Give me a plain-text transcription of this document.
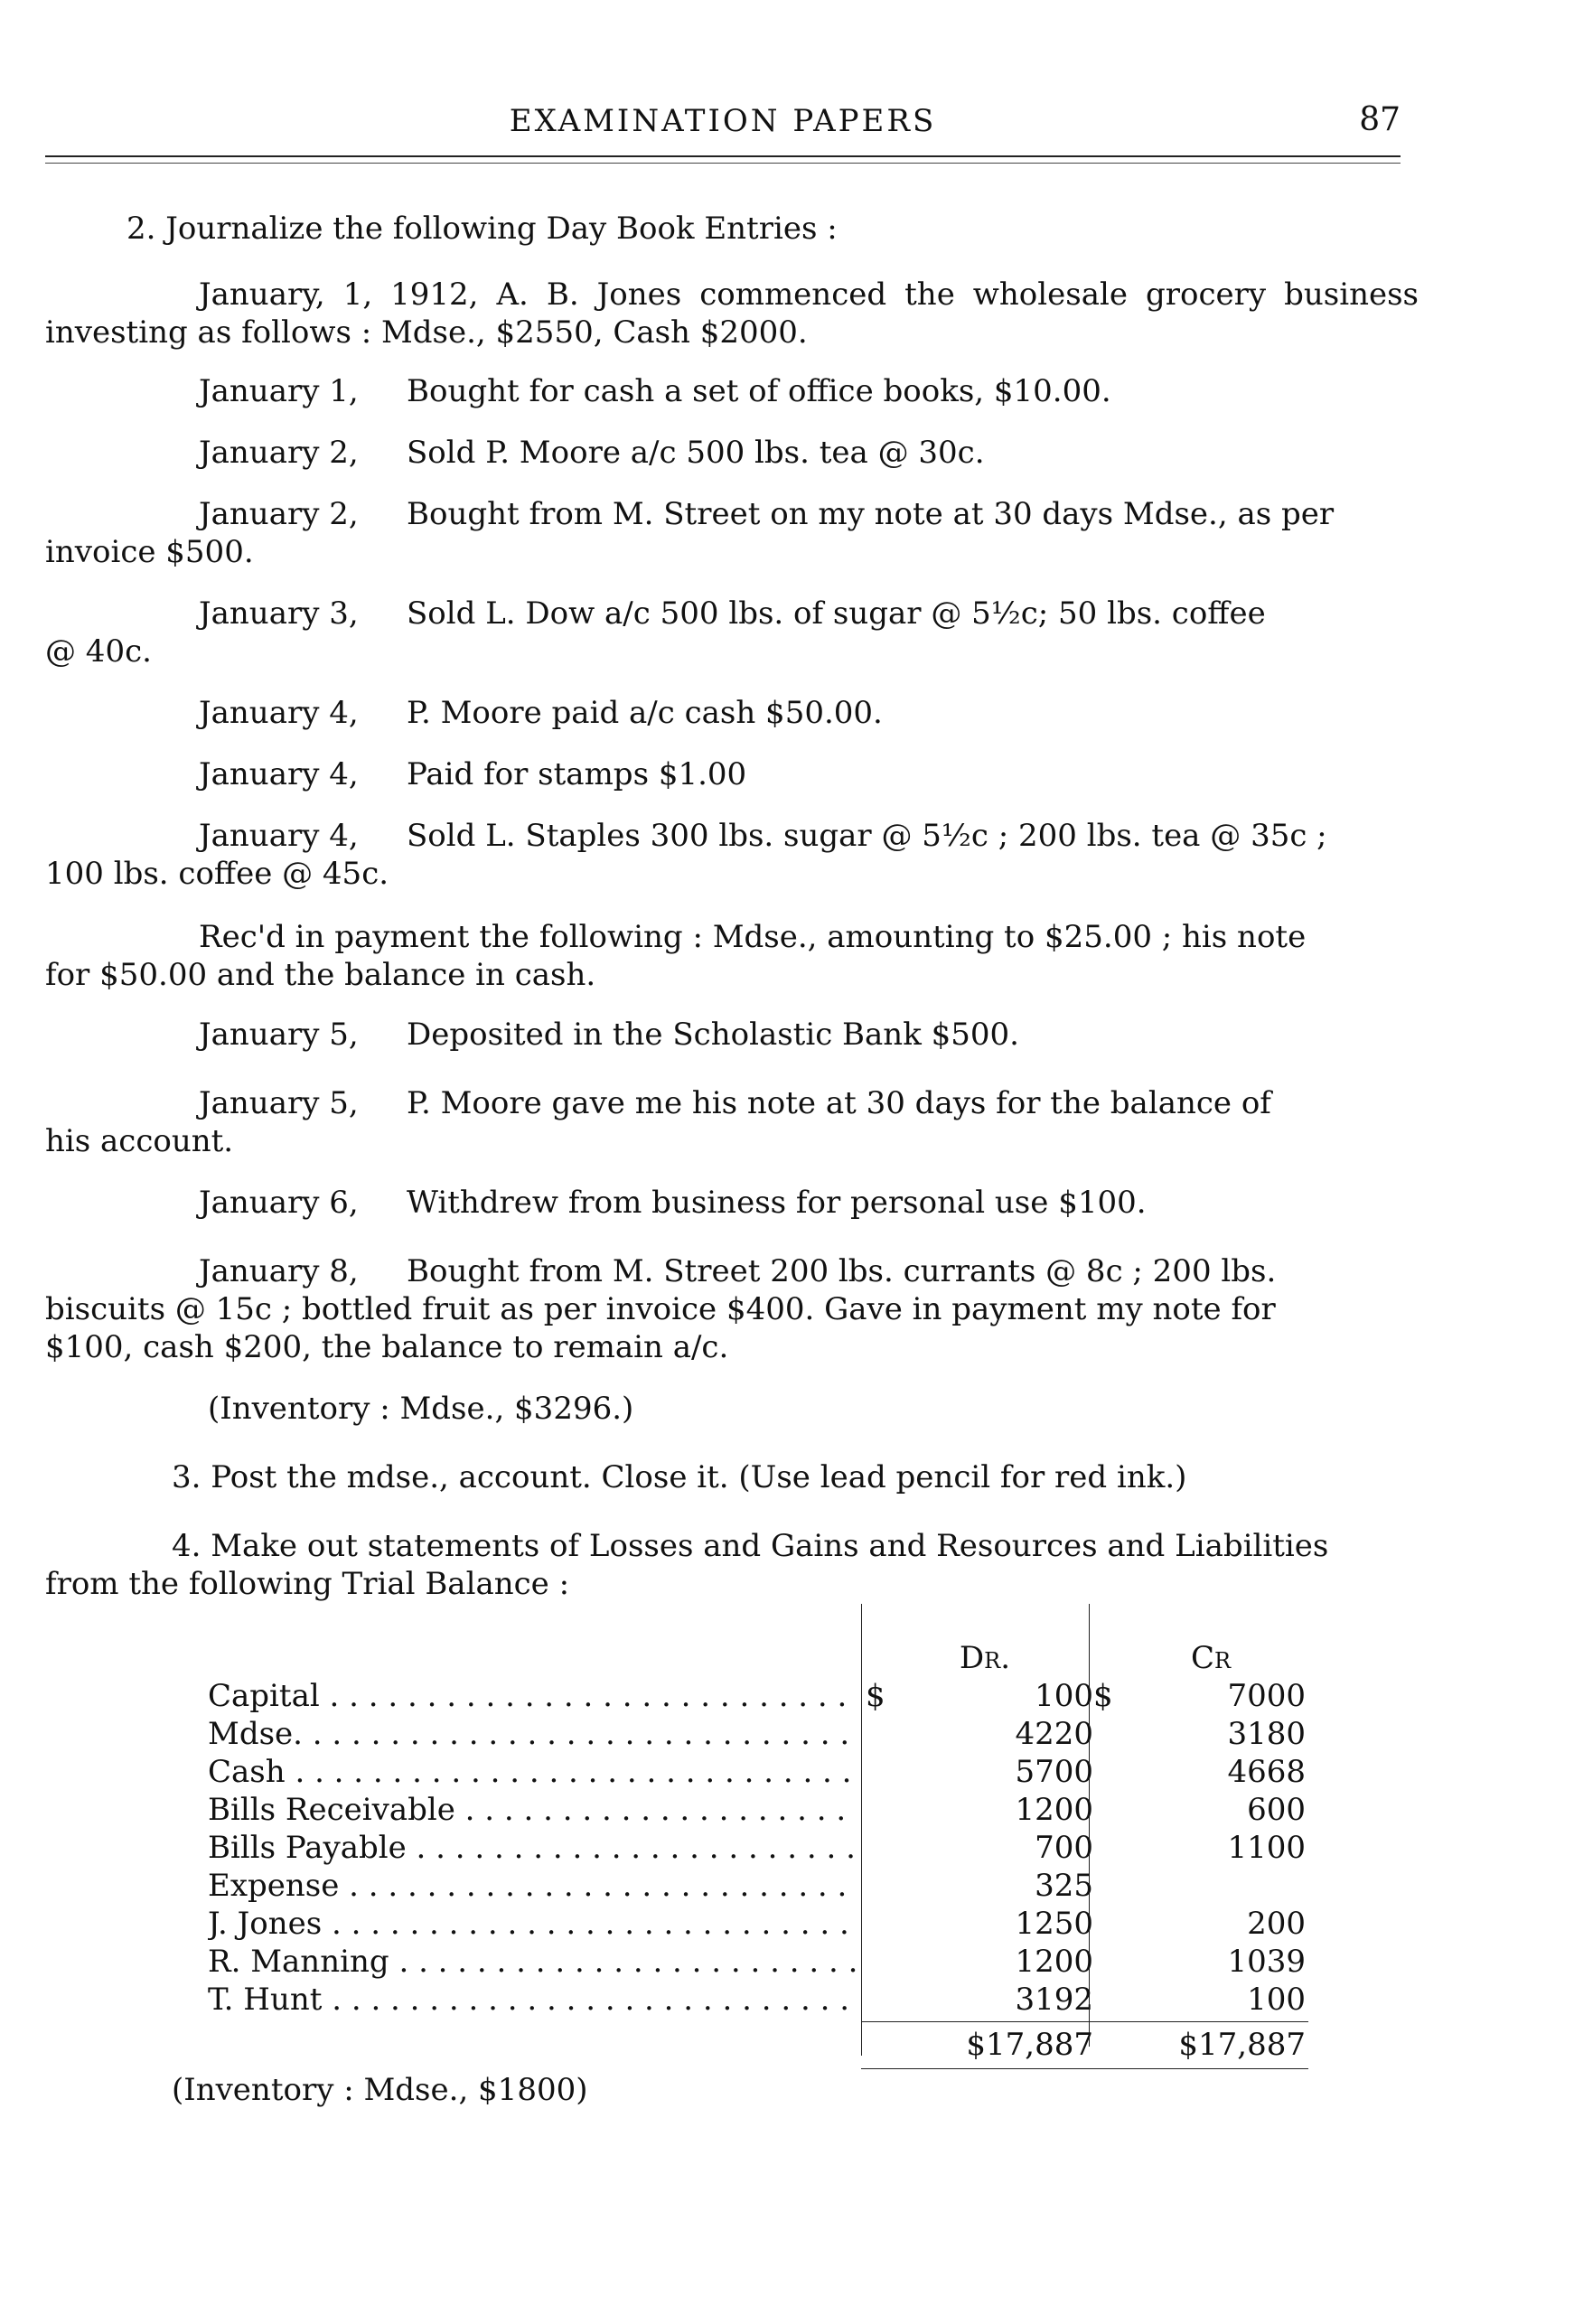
EXAMINATION PAPERS	87
2. Journalize the following Day Book Entries :
January, 1, 1912, A. B. Jones commenced the wholesale grocery business investing as follows : Mdse., $2550, Cash $2000.
January 1, Bought for cash a set of office books, $10.00.
January 2, Sold P. Moore a/c 500 lbs. tea @ 30c.
January 2, Bought from M. Street on my note at 30 days Mdse., as per
invoice $500.
January 3, Sold L. Dow a/c 500 lbs. of sugar @ 5½c; 50 lbs. coffee
@ 40c.
January 4, P. Moore paid a/c cash $50.00.
January 4, Paid for stamps $1.00
January 4, Sold L. Staples 300 lbs. sugar @ 5½c ; 200 lbs. tea @ 35c ;
100 lbs. coffee @ 45c.
Rec'd in payment the following : Mdse., amounting to $25.00 ; his note
for $50.00 and the balance in cash.
January 5, Deposited in the Scholastic Bank $500.
January 5, P. Moore gave me his note at 30 days for the balance of
his account.
January 6, Withdrew from business for personal use $100.
January 8, Bought from M. Street 200 lbs. currants @ 8c ; 200 lbs.
biscuits @ 15c ; bottled fruit as per invoice $400. Gave in payment my note for
$100, cash $200, the balance to remain a/c.
(Inventory : Mdse., $3296.)
3. Post the mdse., account. Close it. (Use lead pencil for red ink.)
4. Make out statements of Losses and Gains and Resources and Liabilities
from the following Trial Balance :
Dr.	Cr
Capital . . .	$	100 $	7000
Mdse. . . .	4220	3180
Cash . . .	5700	4668
Bills Receivable . . .	1200	600
Bills Payable . . .	700	1100
Expense . . .	325
J. Jones . . .	1250	200
R. Manning . . .	1200	1039
T. Hunt . . .	3192	100
$17,887	$17,887
(Inventory : Mdse., $1800)
